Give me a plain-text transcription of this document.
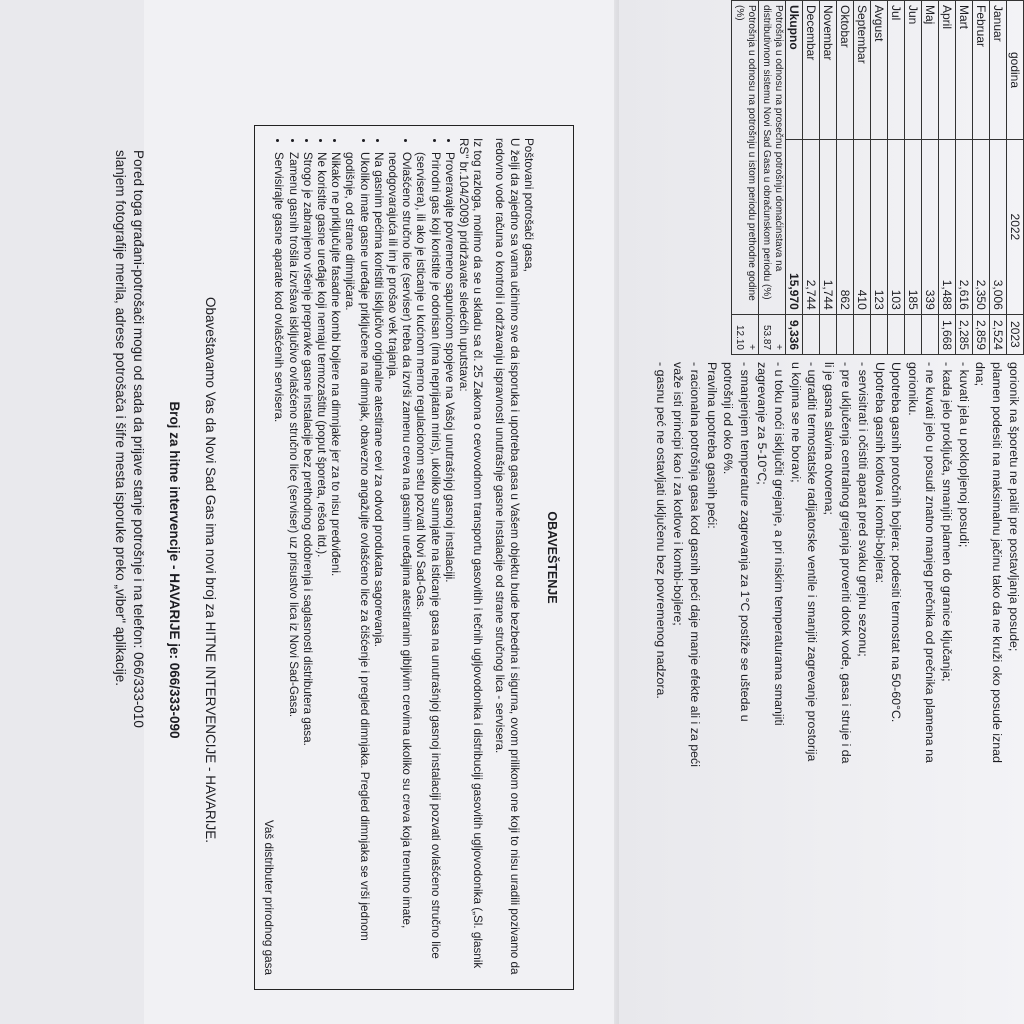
godina	2022	2023
Januar	3,006	2,524
Februar	2,350	2,859
Mart	2,616	2,285
April	1,488	1,668
Maj	339	
Jun	185	
Jul	103	
Avgust	123	
Septembar	410	
Oktobar	862	
Novembar	1,744	
Decembar	2,744	
Ukupno	15,970	9,336
Potrošnja u odnosu na prosečnu potrošnju domaćinstava na distributivnom sistemu Novi Sad Gasa u obračunskom periodu (%)		+ 53.87
Potrošnja u odnosu na potrošnju u istom periodu prethodne godine (%)		+ 12.10
gorionik na šporetu ne paliti pre postavljanja posude;
plamen podesiti na maksimalnu jačinu tako da ne kruži oko posude iznad
dna;
- kuvati jela u poklopljenoj posudi;
- kada jelo proključa, smanjiti plamen do granice ključanja;
- ne kuvati jelo u posudi znatno manjeg prečnika od prečnika plamena na
gorioniku.
Upotreba gasnih protočnih bojlera: podesiti termostat na 50-60°C.
Upotreba gasnih kotlova i kombi-bojlera:
- servisitrati i očistiti aparat pred svaku grejnu sezonu;
- pre uključenja centralnog grejanja proveriti dotok vode, gasa i struje i da
li je gasna slavina otvorena;
- ugraditi termostatske radijatorske ventile i smanjiti zagrevanje prostorija
u kojima se ne boravi;
- u toku noći isključiti grejanje, a pri niskim temperaturama smanjiti
zagrevanje za 5-10°C;
- smanjenjem temperature zagrevanja za 1°C postiže se ušteda u
potrošnji od oko 6%.
Pravilna upotreba gasnih peći:
- racionalna potrošnja gasa kod gasnih peći daje manje efekte ali i za peći
važe isti principi kao i za kotlove i kombi-bojlere;
- gasnu peć ne ostavljati uključenu bez povremenog nadzora.
OBAVEŠTENJE

Poštovani potrošači gasa,

U želji da zajedno sa vama učinimo sve da isporuka i upotreba gasa u Vašem objektu bude bezbedna i sigurna, ovom prilikom one koji to nisu uradili pozivamo da redovno vode računa o kontroli i održavanju ispravnosti unutrašnje gasne instalacije od strane stručnog lica - servisera.

Iz tog razloga, molimo da se u skladu sa čl. 25 Zakona o cevovodnom transportu gasovitih i tečnih ugljovodonika i distribuciji gasovitih ugljovodonika („Sl. glasnik RS" br.104/2009) pridržavate sledećih uputstava:

• Proveravajte povremeno sapunicom spojeve na Vašoj unutrašnjoj gasnoj instalaciji.
• Prirodni gas koji koristite je odorisan (ima neprijatan miris), ukoliko sumnjate na isticanje gasa na unutrašnjoj gasnoj instalaciji pozvati ovlašćeno stručno lice (servisera), ili ako je isticanje u kućnom merno regulacionom setu pozvati Novi Sad-Gas.
• Ovlašćeno stručno lice (serviser) treba da izvrši zamenu creva na gasnim uređajima atestiranim gibljivim crevima ukoliko su creva koja trenutno imate, neodgovarajuća ili im je prošao vek trajanja.
• Na gasnim pećima koristiti isključivo originalne atestirane cevi za odvod produkata sagorevanja.
• Ukoliko imate gasne uređaje priključene na dimnjak, obavezno angažujte ovlašćeno lice za čišćenje i pregled dimnjaka. Pregled dimnjaka se vrši jednom godišnje, od strane dimnjičara.
• Nikako ne priključujte fasadne kombi bojlere na dimnjake jer za to nisu predviđeni.
• Ne koristite gasne uređaje koji nemaju termozaštitu (poput šporeta, rešoa itd.).
• Strogo je zabranjeno vršenje prepravke gasne instalacije bez prethodnog odobrenja i saglasnosti distributera gasa.
• Zamenu gasnih trošila izvršava isključivo ovlašćeno stručno lice (serviser) uz prisustvo lica iz Novi Sad-Gasa.
• Servisirajte gasne aparate kod ovlašćenih servisera.
Vaš distributer prirodnog gasa
Obaveštavamo Vas da Novi Sad Gas ima novi broj za HITNE INTERVENCIJE - HAVARIJE.
Broj za hitne intervencije - HAVARIJE je: 066/333-090
Pored toga građani-potrošači mogu od sada da prijave stanje potrošnje i na telefon: 066/333-010
slanjem fotografije merila, adrese potrošača i šifre mesta isporuke preko „viber" aplikacije.
